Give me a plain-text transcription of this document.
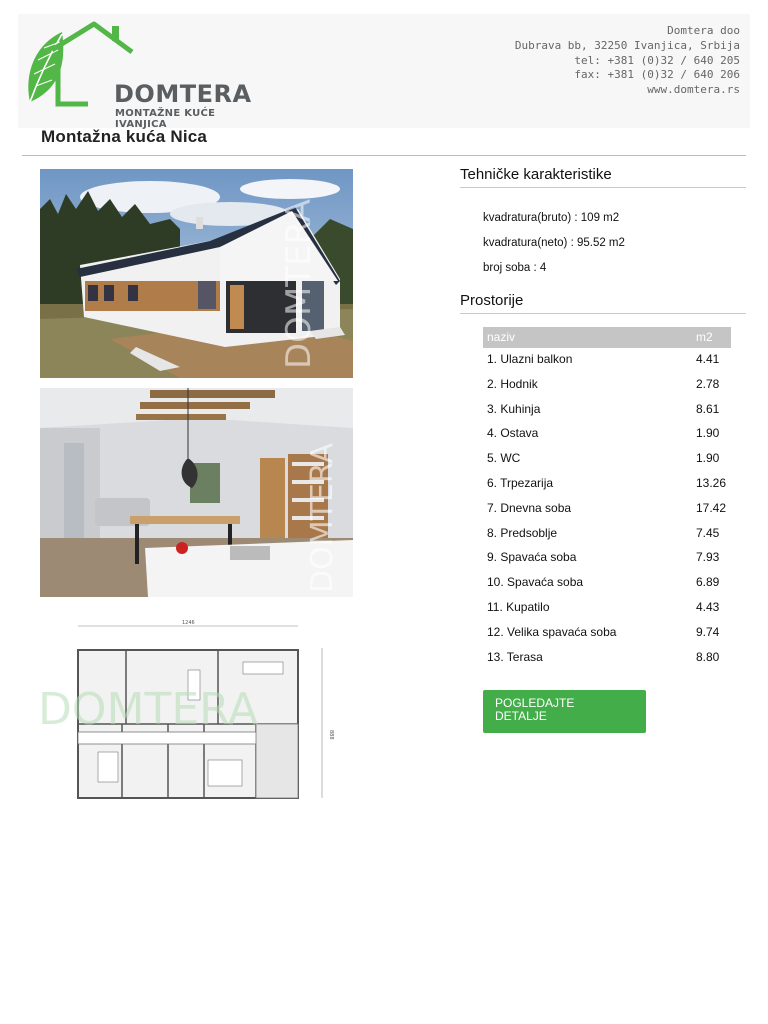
DOMTERA
MONTAŽNE KUĆE IVANJICA
Domtera doo
Dubrava bb, 32250 Ivanjica, Srbija
tel: +381 (0)32 / 640 205
fax: +381 (0)32 / 640 206
www.domtera.rs
Montažna kuća Nica
DOMTERA
DOMTERA
1246
888
DOMTERA
Tehničke karakteristike
kvadratura(bruto) : 109 m2
kvadratura(neto) : 95.52 m2
broj soba : 4
Prostorije
naziv	m2
1. Ulazni balkon	4.41
2. Hodnik	2.78
3. Kuhinja	8.61
4. Ostava	1.90
5. WC	1.90
6. Trpezarija	13.26
7. Dnevna soba	17.42
8. Predsoblje	7.45
9. Spavaća soba	7.93
10. Spavaća soba	6.89
11. Kupatilo	4.43
12. Velika spavaća soba	9.74
13. Terasa	8.80
POGLEDAJTE
DETALJE
